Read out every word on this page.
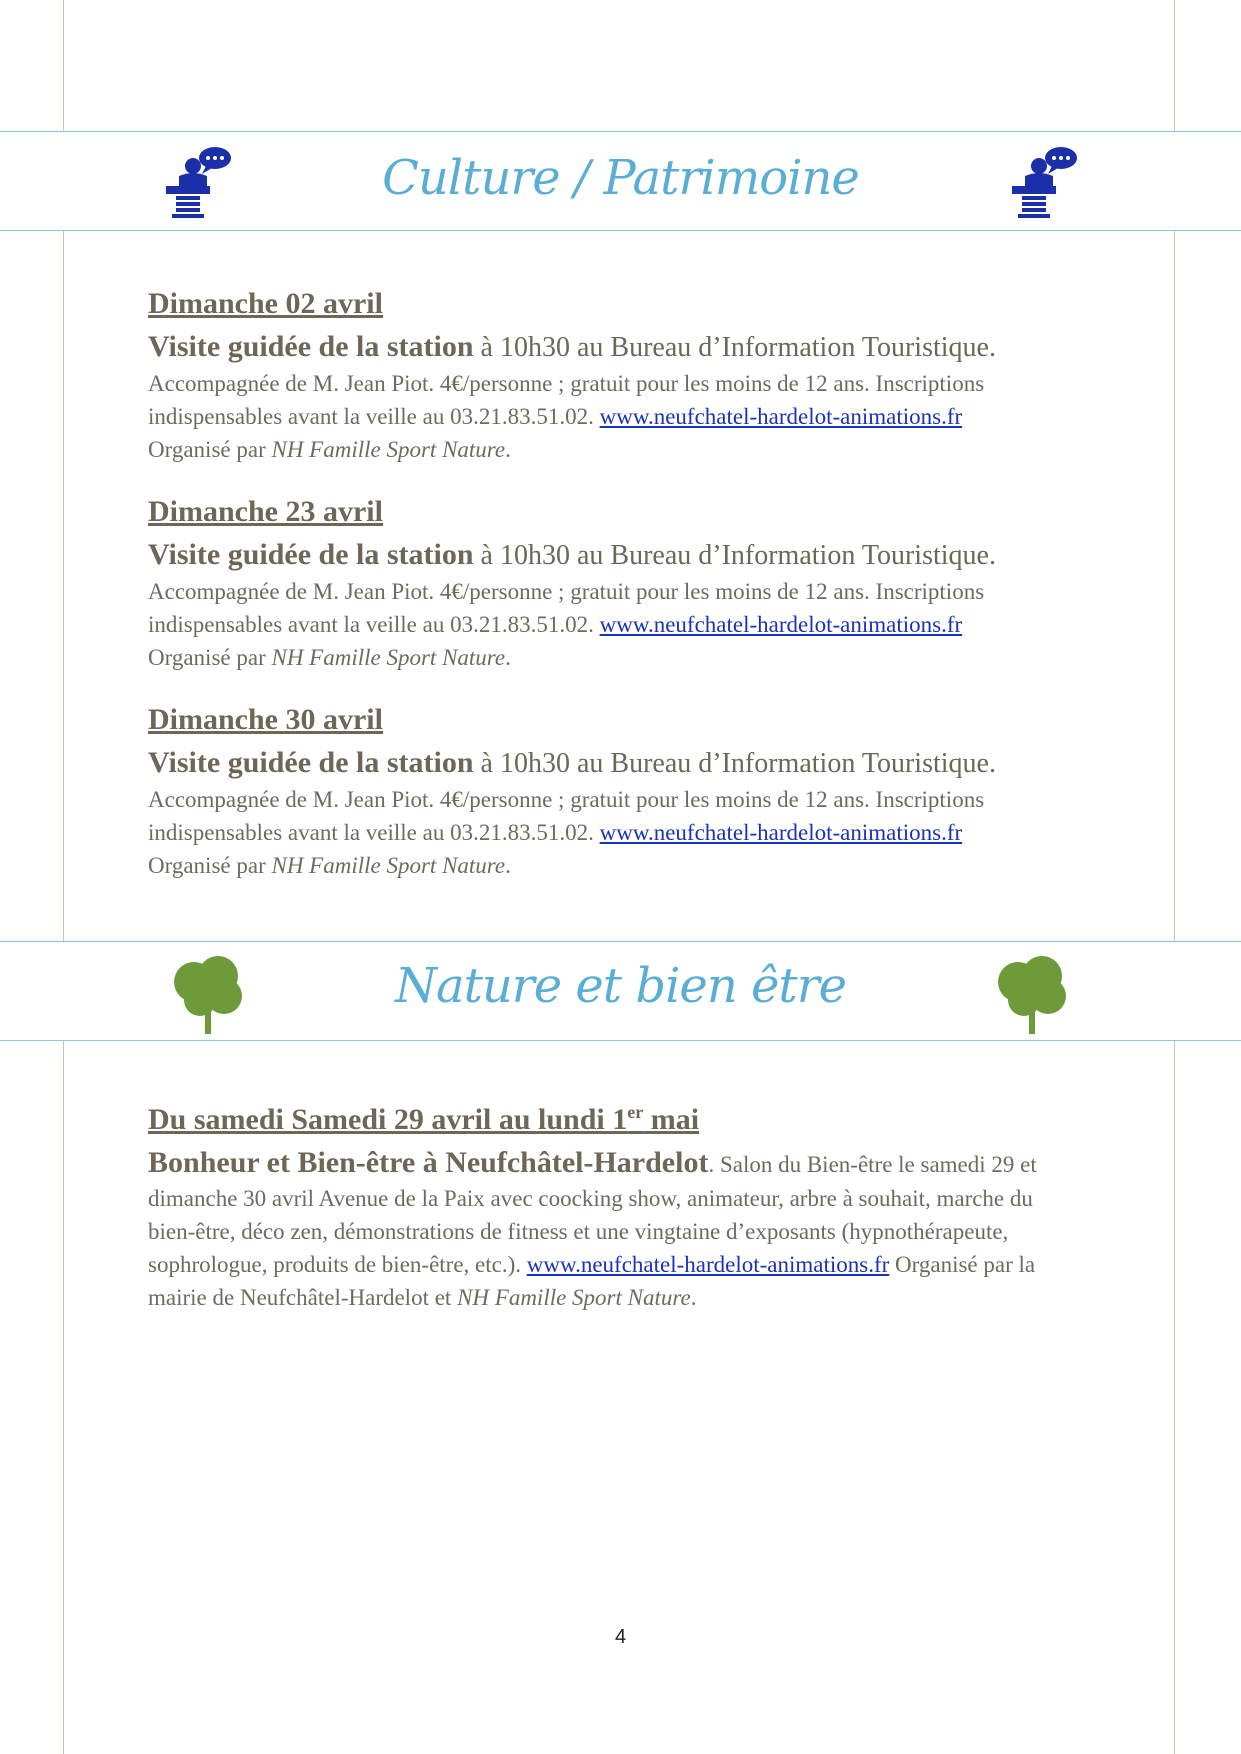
Culture / Patrimoine

Dimanche 02 avril

Visite guidée de la station à 10h30 au Bureau d’Information Touristique.

Accompagnée de M. Jean Piot. 4€/personne ; gratuit pour les moins de 12 ans. Inscriptions indispensables avant la veille au 03.21.83.51.02. www.neufchatel-hardelot-animations.fr
Organisé par NH Famille Sport Nature.

Dimanche 23 avril

Visite guidée de la station à 10h30 au Bureau d’Information Touristique.

Accompagnée de M. Jean Piot. 4€/personne ; gratuit pour les moins de 12 ans. Inscriptions indispensables avant la veille au 03.21.83.51.02. www.neufchatel-hardelot-animations.fr
Organisé par NH Famille Sport Nature.

Dimanche 30 avril

Visite guidée de la station à 10h30 au Bureau d’Information Touristique.

Accompagnée de M. Jean Piot. 4€/personne ; gratuit pour les moins de 12 ans. Inscriptions indispensables avant la veille au 03.21.83.51.02. www.neufchatel-hardelot-animations.fr
Organisé par NH Famille Sport Nature.

Nature et bien être

Du samedi Samedi 29 avril au lundi 1er mai

Bonheur et Bien-être à Neufchâtel-Hardelot. Salon du Bien-être le samedi 29 et dimanche 30 avril Avenue de la Paix avec coocking show, animateur, arbre à souhait, marche du bien-être, déco zen, démonstrations de fitness et une vingtaine d’exposants (hypnothérapeute, sophrologue, produits de bien-être, etc.). www.neufchatel-hardelot-animations.fr Organisé par la mairie de Neufchâtel-Hardelot et NH Famille Sport Nature.

4
